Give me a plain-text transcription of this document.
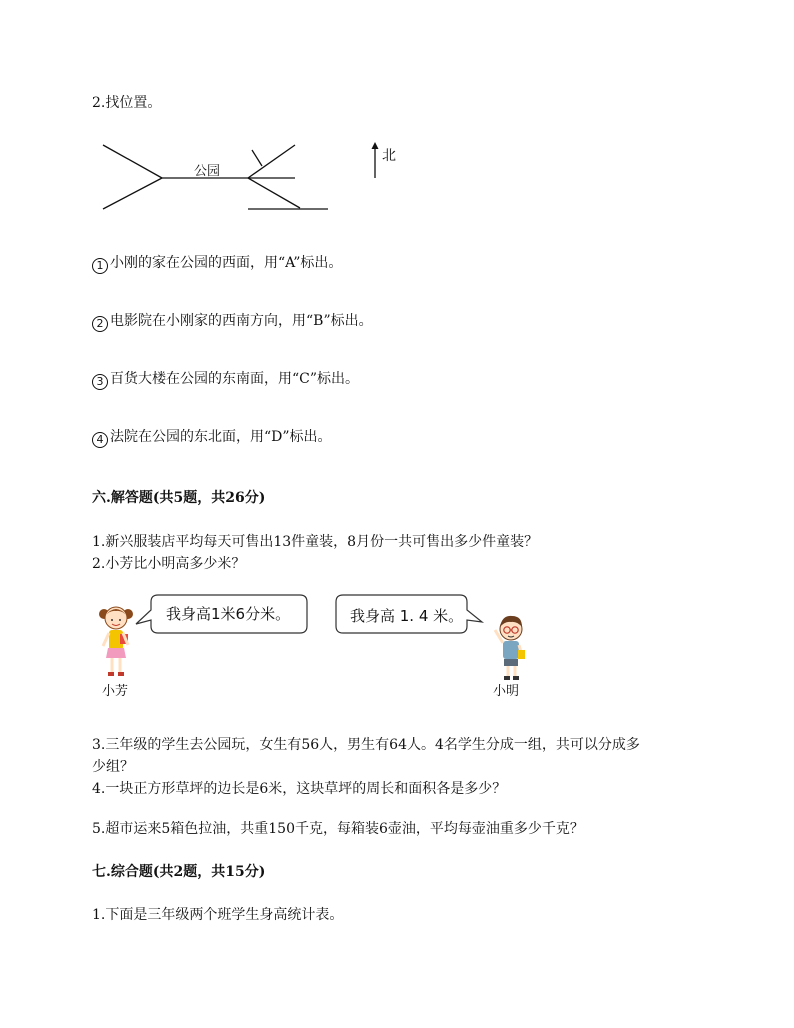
2.找位置。
公园
北
1 小刚的家在公园的西面，用“A”标出。
2 电影院在小刚家的西南方向，用“B”标出。
3 百货大楼在公园的东南面，用“C”标出。
4 法院在公园的东北面，用“D”标出。
六.解答题(共5题，共26分)
1.新兴服装店平均每天可售出13件童装，8月份一共可售出多少件童装？
2.小芳比小明高多少米？
小芳
我身高1米6分米。	我身高 1. 4 米。
小明
3.三年级的学生去公园玩，女生有56人，男生有64人。4名学生分成一组，共可以分成多
少组？
4.一块正方形草坪的边长是6米，这块草坪的周长和面积各是多少？
5.超市运来5箱色拉油，共重150千克，每箱装6壶油，平均每壶油重多少千克？
七.综合题(共2题，共15分)
1.下面是三年级两个班学生身高统计表。
